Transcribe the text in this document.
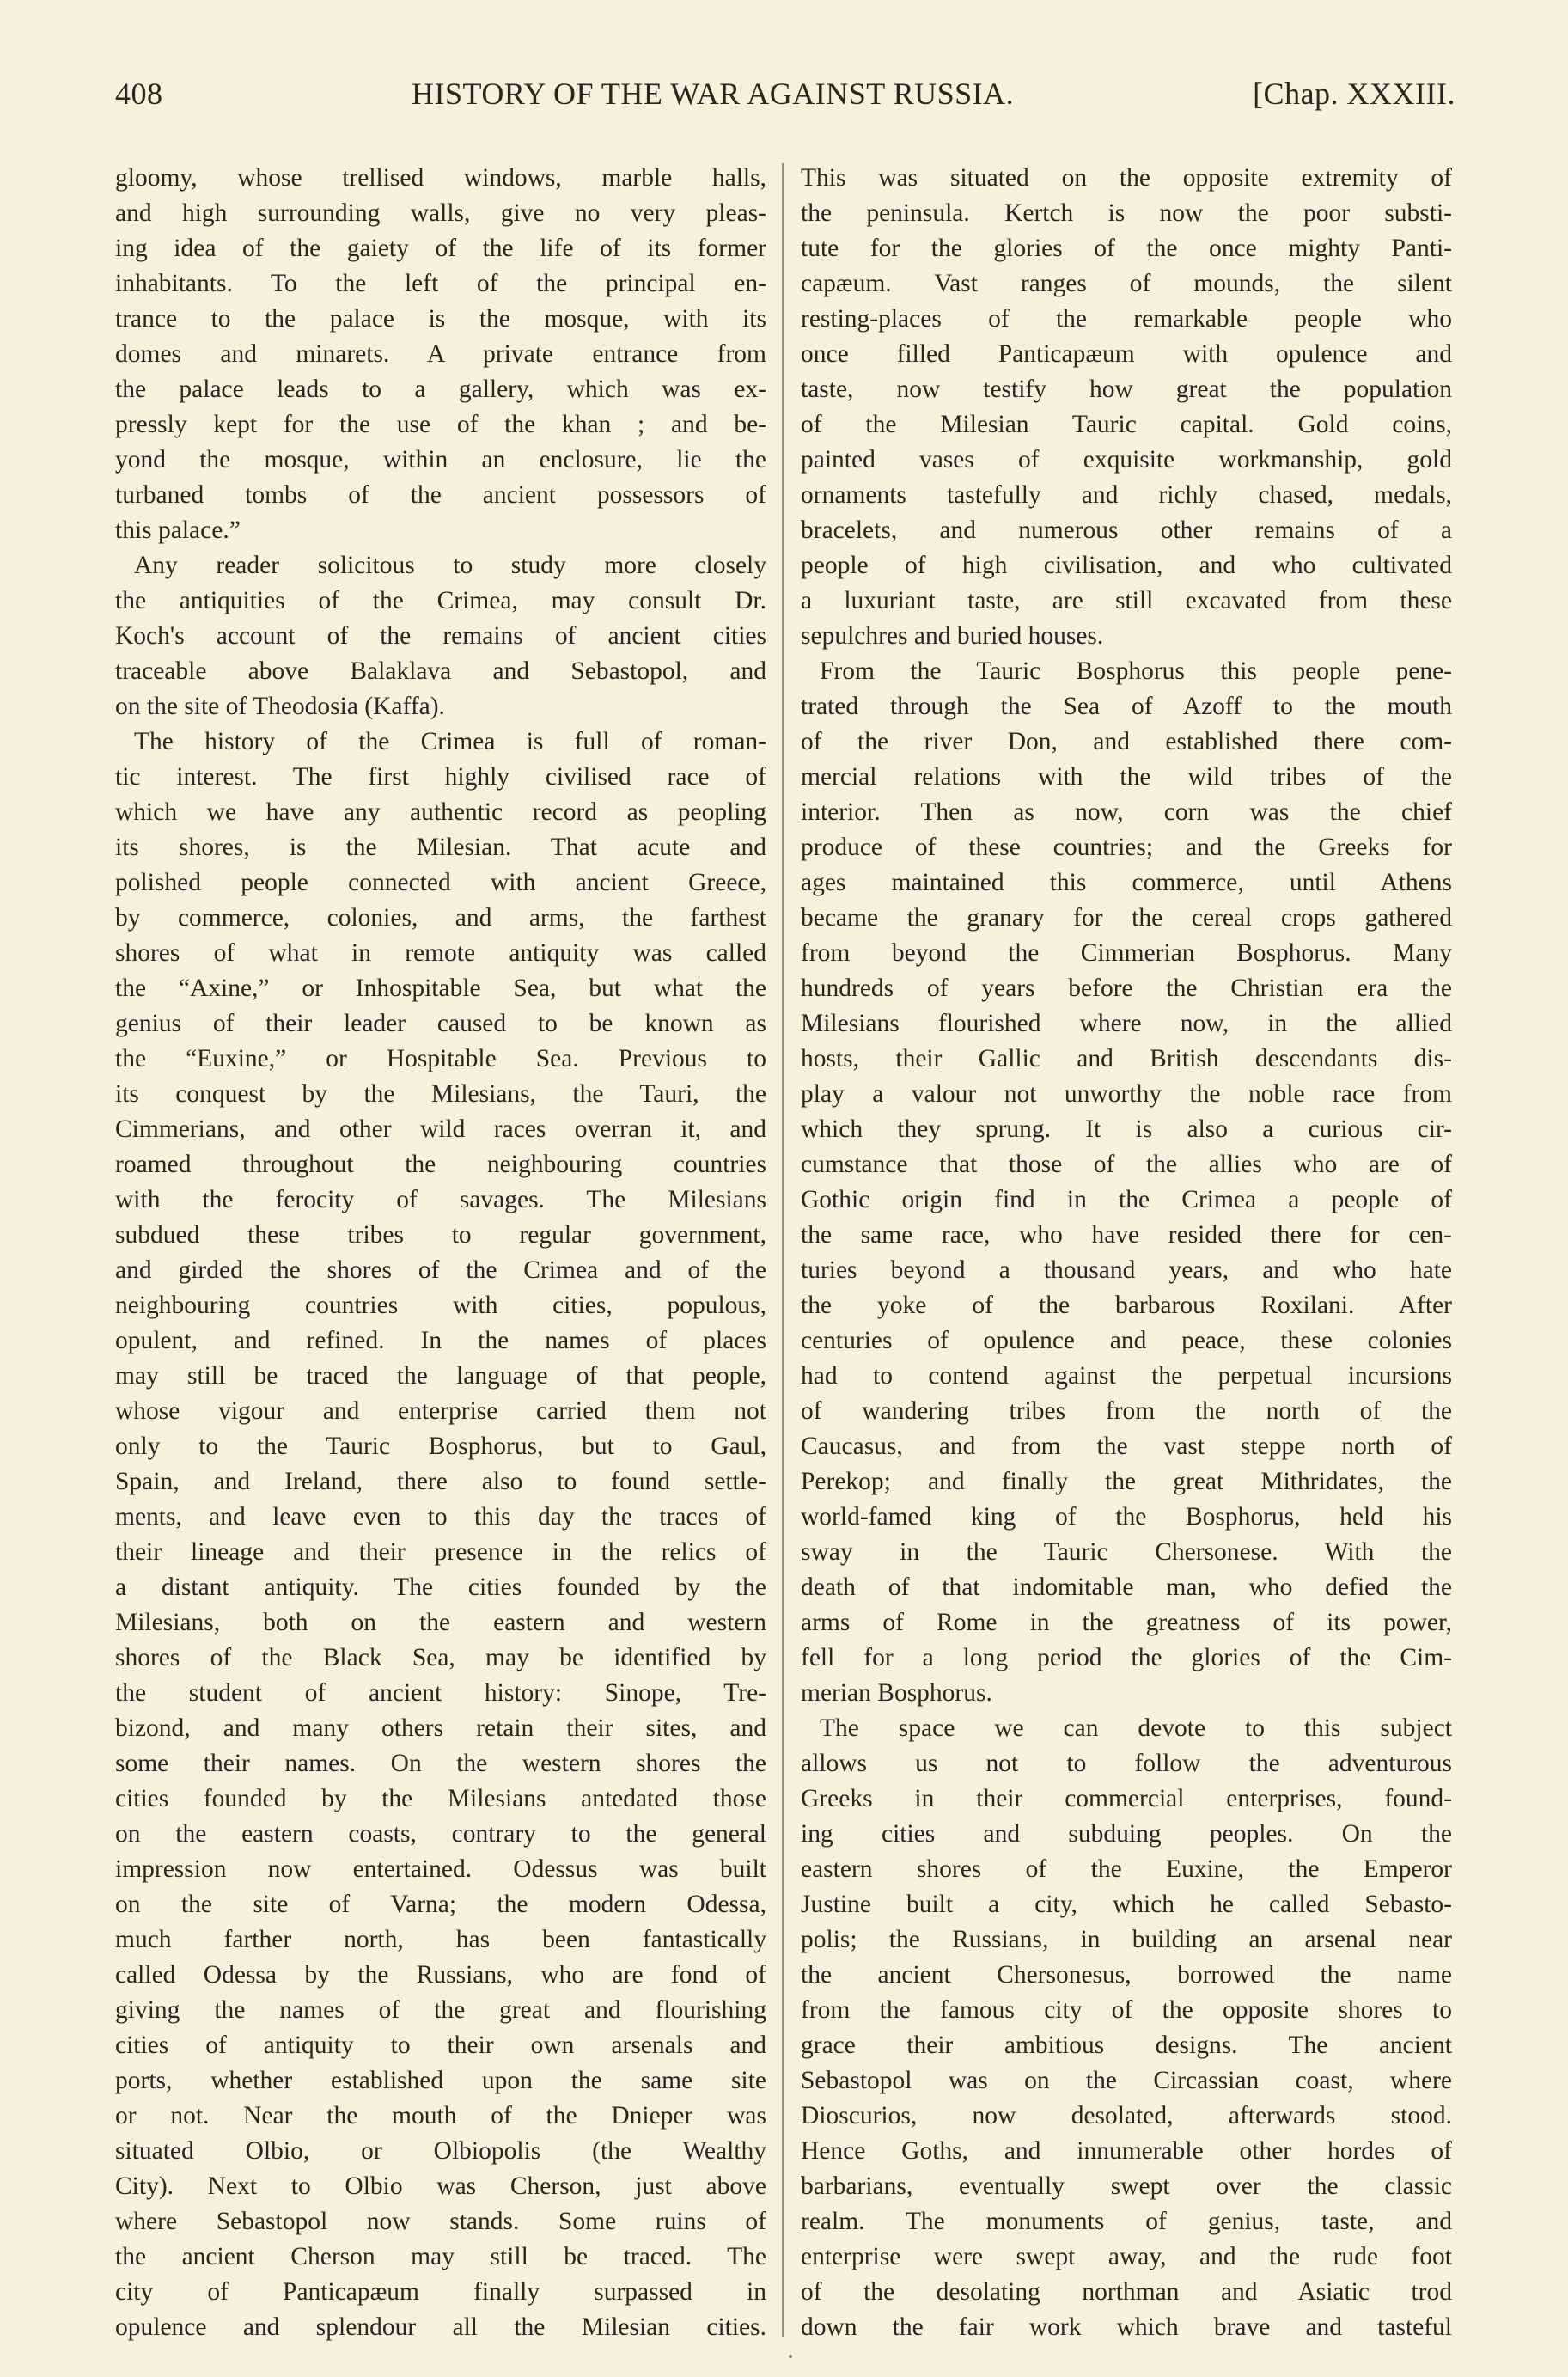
408	HISTORY OF THE WAR AGAINST RUSSIA.	[Chap. XXXIII.
gloomy, whose trellised windows, marble halls,
and high surrounding walls, give no very pleas-
ing idea of the gaiety of the life of its former
inhabitants. To the left of the principal en-
trance to the palace is the mosque, with its
domes and minarets. A private entrance from
the palace leads to a gallery, which was ex-
pressly kept for the use of the khan ; and be-
yond the mosque, within an enclosure, lie the
turbaned tombs of the ancient possessors of
this palace.”
Any reader solicitous to study more closely
the antiquities of the Crimea, may consult Dr.
Koch's account of the remains of ancient cities
traceable above Balaklava and Sebastopol, and
on the site of Theodosia (Kaffa).
The history of the Crimea is full of roman-
tic interest. The first highly civilised race of
which we have any authentic record as peopling
its shores, is the Milesian. That acute and
polished people connected with ancient Greece,
by commerce, colonies, and arms, the farthest
shores of what in remote antiquity was called
the “Axine,” or Inhospitable Sea, but what the
genius of their leader caused to be known as
the “Euxine,” or Hospitable Sea. Previous to
its conquest by the Milesians, the Tauri, the
Cimmerians, and other wild races overran it, and
roamed throughout the neighbouring countries
with the ferocity of savages. The Milesians
subdued these tribes to regular government,
and girded the shores of the Crimea and of the
neighbouring countries with cities, populous,
opulent, and refined. In the names of places
may still be traced the language of that people,
whose vigour and enterprise carried them not
only to the Tauric Bosphorus, but to Gaul,
Spain, and Ireland, there also to found settle-
ments, and leave even to this day the traces of
their lineage and their presence in the relics of
a distant antiquity. The cities founded by the
Milesians, both on the eastern and western
shores of the Black Sea, may be identified by
the student of ancient history: Sinope, Tre-
bizond, and many others retain their sites, and
some their names. On the western shores the
cities founded by the Milesians antedated those
on the eastern coasts, contrary to the general
impression now entertained. Odessus was built
on the site of Varna; the modern Odessa,
much farther north, has been fantastically
called Odessa by the Russians, who are fond of
giving the names of the great and flourishing
cities of antiquity to their own arsenals and
ports, whether established upon the same site
or not. Near the mouth of the Dnieper was
situated Olbio, or Olbiopolis (the Wealthy
City). Next to Olbio was Cherson, just above
where Sebastopol now stands. Some ruins of
the ancient Cherson may still be traced. The
city of Panticapæum finally surpassed in
opulence and splendour all the Milesian cities.
This was situated on the opposite extremity of
the peninsula. Kertch is now the poor substi-
tute for the glories of the once mighty Panti-
capæum. Vast ranges of mounds, the silent
resting-places of the remarkable people who
once filled Panticapæum with opulence and
taste, now testify how great the population
of the Milesian Tauric capital. Gold coins,
painted vases of exquisite workmanship, gold
ornaments tastefully and richly chased, medals,
bracelets, and numerous other remains of a
people of high civilisation, and who cultivated
a luxuriant taste, are still excavated from these
sepulchres and buried houses.
From the Tauric Bosphorus this people pene-
trated through the Sea of Azoff to the mouth
of the river Don, and established there com-
mercial relations with the wild tribes of the
interior. Then as now, corn was the chief
produce of these countries; and the Greeks for
ages maintained this commerce, until Athens
became the granary for the cereal crops gathered
from beyond the Cimmerian Bosphorus. Many
hundreds of years before the Christian era the
Milesians flourished where now, in the allied
hosts, their Gallic and British descendants dis-
play a valour not unworthy the noble race from
which they sprung. It is also a curious cir-
cumstance that those of the allies who are of
Gothic origin find in the Crimea a people of
the same race, who have resided there for cen-
turies beyond a thousand years, and who hate
the yoke of the barbarous Roxilani. After
centuries of opulence and peace, these colonies
had to contend against the perpetual incursions
of wandering tribes from the north of the
Caucasus, and from the vast steppe north of
Perekop; and finally the great Mithridates, the
world-famed king of the Bosphorus, held his
sway in the Tauric Chersonese. With the
death of that indomitable man, who defied the
arms of Rome in the greatness of its power,
fell for a long period the glories of the Cim-
merian Bosphorus.
The space we can devote to this subject
allows us not to follow the adventurous
Greeks in their commercial enterprises, found-
ing cities and subduing peoples. On the
eastern shores of the Euxine, the Emperor
Justine built a city, which he called Sebasto-
polis; the Russians, in building an arsenal near
the ancient Chersonesus, borrowed the name
from the famous city of the opposite shores to
grace their ambitious designs. The ancient
Sebastopol was on the Circassian coast, where
Dioscurios, now desolated, afterwards stood.
Hence Goths, and innumerable other hordes of
barbarians, eventually swept over the classic
realm. The monuments of genius, taste, and
enterprise were swept away, and the rude foot
of the desolating northman and Asiatic trod
down the fair work which brave and tasteful
